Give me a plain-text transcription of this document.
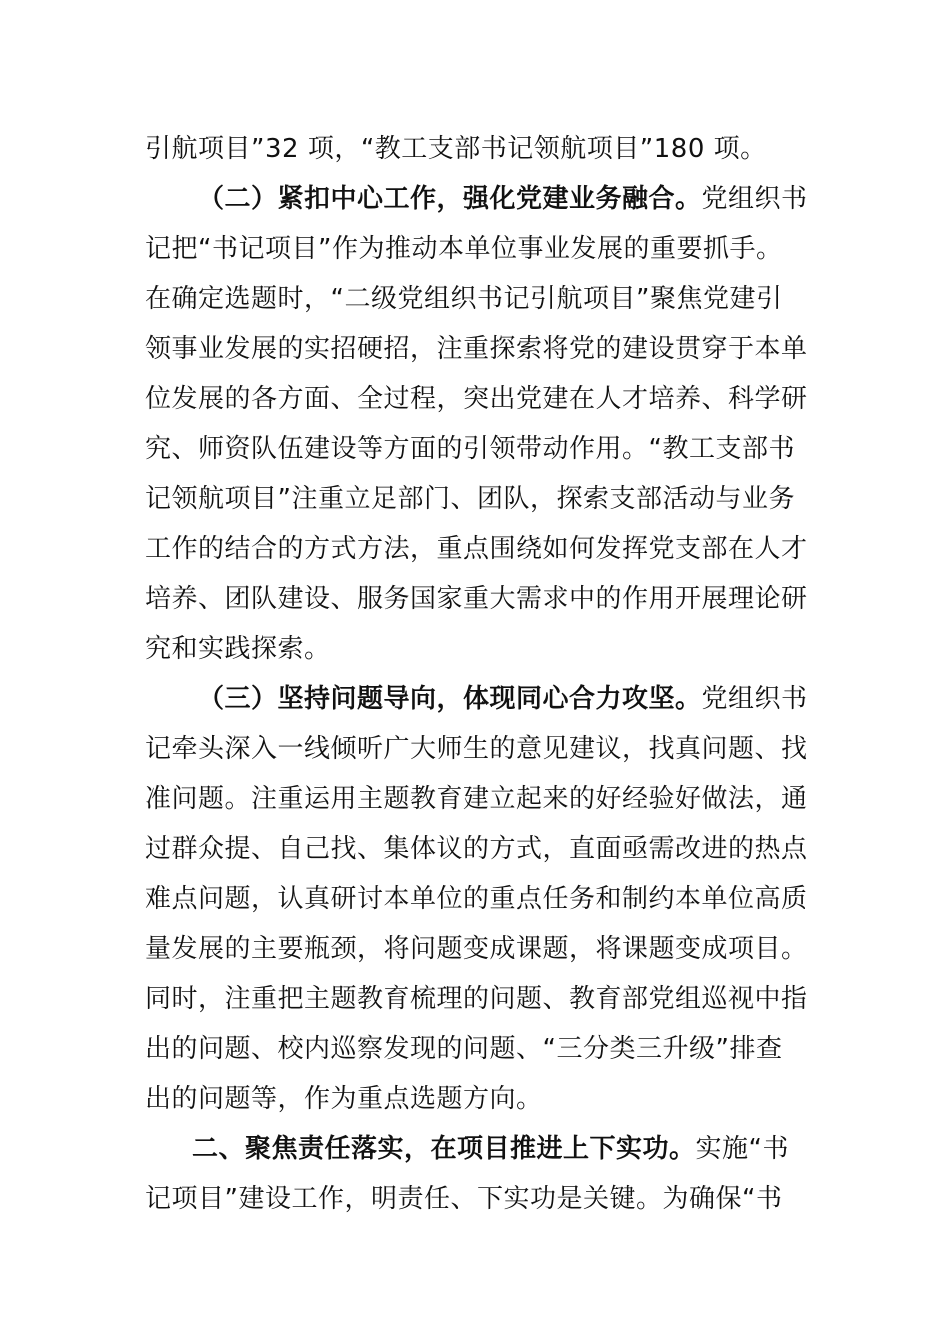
引航项目”32 项，“教工支部书记领航项目”180 项。
（二）紧扣中心工作，强化党建业务融合。党组织书
记把“书记项目”作为推动本单位事业发展的重要抓手。
在确定选题时，“二级党组织书记引航项目”聚焦党建引
领事业发展的实招硬招，注重探索将党的建设贯穿于本单
位发展的各方面、全过程，突出党建在人才培养、科学研
究、师资队伍建设等方面的引领带动作用。“教工支部书
记领航项目”注重立足部门、团队，探索支部活动与业务
工作的结合的方式方法，重点围绕如何发挥党支部在人才
培养、团队建设、服务国家重大需求中的作用开展理论研
究和实践探索。
（三）坚持问题导向，体现同心合力攻坚。党组织书
记牵头深入一线倾听广大师生的意见建议，找真问题、找
准问题。注重运用主题教育建立起来的好经验好做法，通
过群众提、自己找、集体议的方式，直面亟需改进的热点
难点问题，认真研讨本单位的重点任务和制约本单位高质
量发展的主要瓶颈，将问题变成课题，将课题变成项目。
同时，注重把主题教育梳理的问题、教育部党组巡视中指
出的问题、校内巡察发现的问题、“三分类三升级”排查
出的问题等，作为重点选题方向。
二、聚焦责任落实，在项目推进上下实功。实施“书
记项目”建设工作，明责任、下实功是关键。为确保“书
